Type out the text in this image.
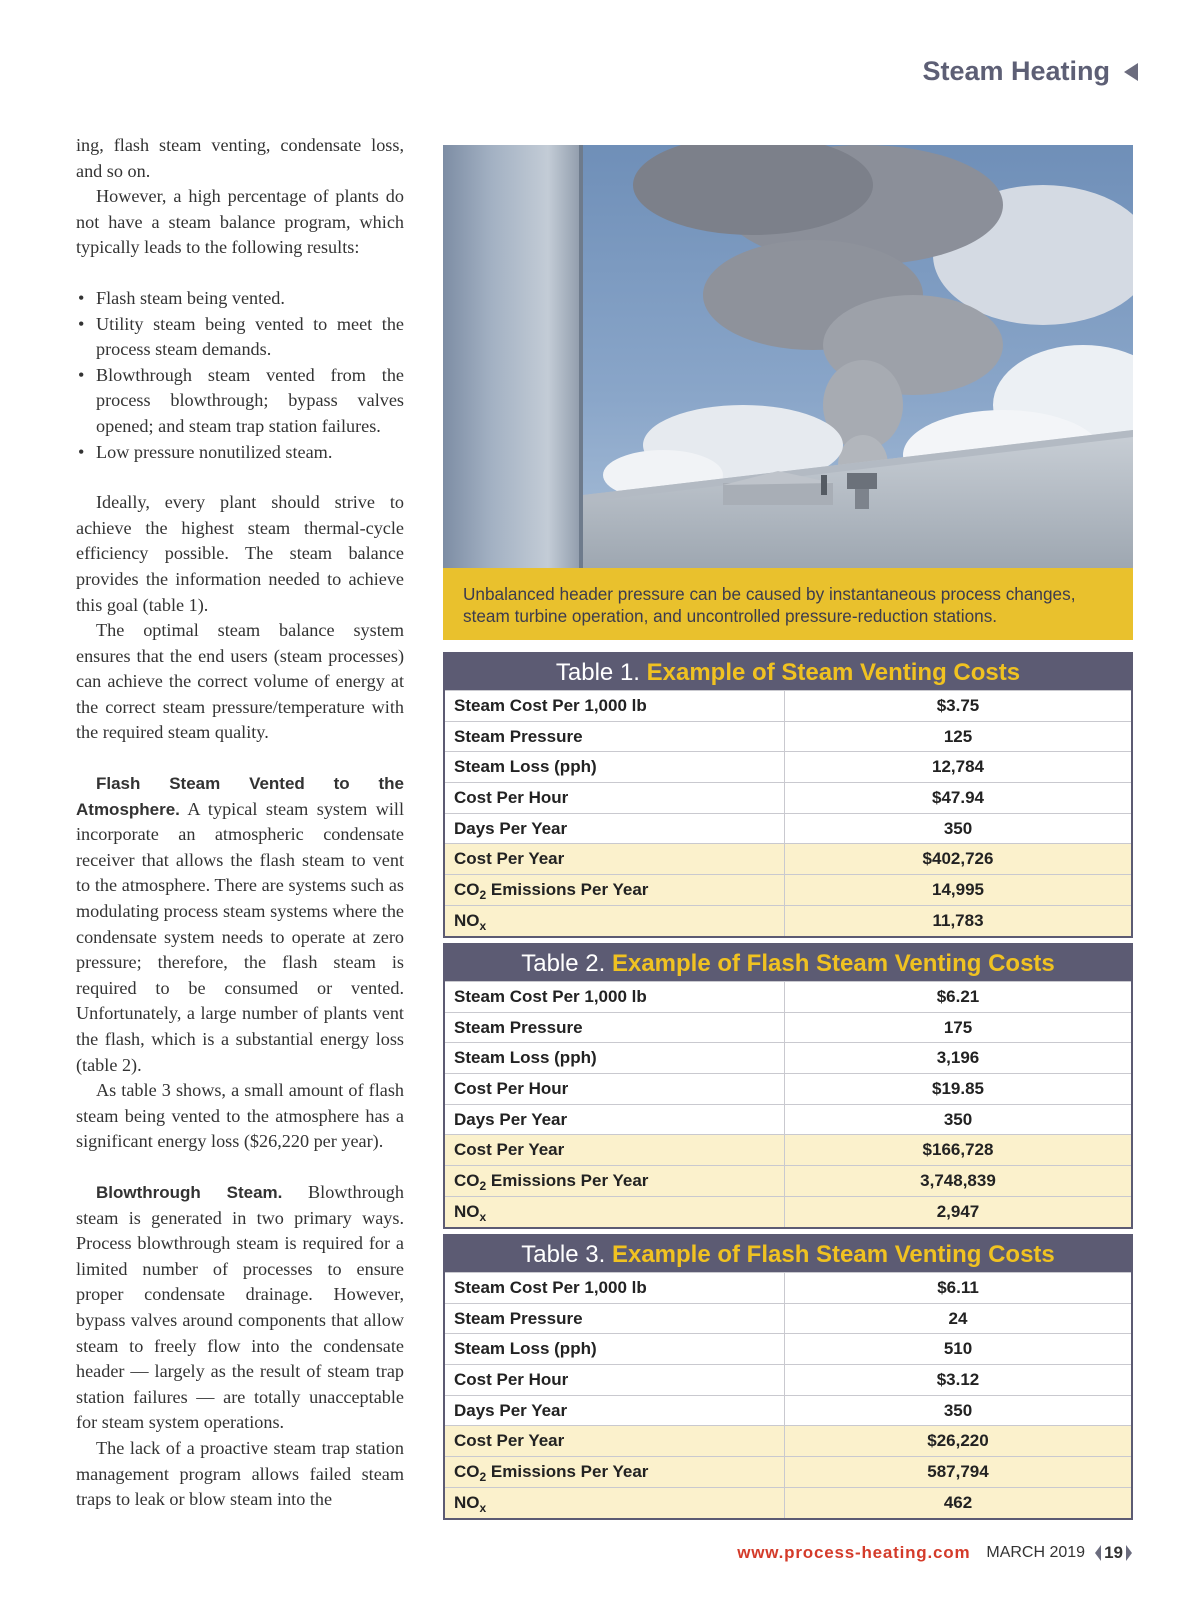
Steam Heating

ing, flash steam venting, condensate loss, and so on.

However, a high percentage of plants do not have a steam balance program, which typically leads to the following results:

• Flash steam being vented.
• Utility steam being vented to meet the process steam demands.
• Blowthrough steam vented from the process blowthrough; bypass valves opened; and steam trap station failures.
• Low pressure nonutilized steam.

Ideally, every plant should strive to achieve the highest steam thermal-cycle efficiency possible. The steam balance provides the information needed to achieve this goal (table 1).

The optimal steam balance system ensures that the end users (steam processes) can achieve the correct volume of energy at the correct steam pressure/temperature with the required steam quality.

Flash Steam Vented to the Atmosphere. A typical steam system will incorporate an atmospheric condensate receiver that allows the flash steam to vent to the atmosphere. There are systems such as modulating process steam systems where the condensate system needs to operate at zero pressure; therefore, the flash steam is required to be consumed or vented. Unfortunately, a large number of plants vent the flash, which is a substantial energy loss (table 2).

As table 3 shows, a small amount of flash steam being vented to the atmosphere has a significant energy loss ($26,220 per year).

Blowthrough Steam. Blowthrough steam is generated in two primary ways. Process blowthrough steam is required for a limited number of processes to ensure proper condensate drainage. However, bypass valves around components that allow steam to freely flow into the condensate header — largely as the result of steam trap station failures — are totally unacceptable for steam system operations.

The lack of a proactive steam trap station management program allows failed steam traps to leak or blow steam into the

Unbalanced header pressure can be caused by instantaneous process changes, steam turbine operation, and uncontrolled pressure-reduction stations.
Table 1. Example of Steam Venting Costs
Steam Cost Per 1,000 lb	$3.75
Steam Pressure	125
Steam Loss (pph)	12,784
Cost Per Hour	$47.94
Days Per Year	350
Cost Per Year	$402,726
$CO_2$ Emissions Per Year	14,995
$NO_x$	11,783
Table 2. Example of Flash Steam Venting Costs
Steam Cost Per 1,000 lb	$6.21
Steam Pressure	175
Steam Loss (pph)	3,196
Cost Per Hour	$19.85
Days Per Year	350
Cost Per Year	$166,728
$CO_2$ Emissions Per Year	3,748,839
$NO_x$	2,947
Table 3. Example of Flash Steam Venting Costs
Steam Cost Per 1,000 lb	$6.11
Steam Pressure	24
Steam Loss (pph)	510
Cost Per Hour	$3.12
Days Per Year	350
Cost Per Year	$26,220
$CO_2$ Emissions Per Year	587,794
$NO_x$	462
www.process-heating.com MARCH 2019 19
